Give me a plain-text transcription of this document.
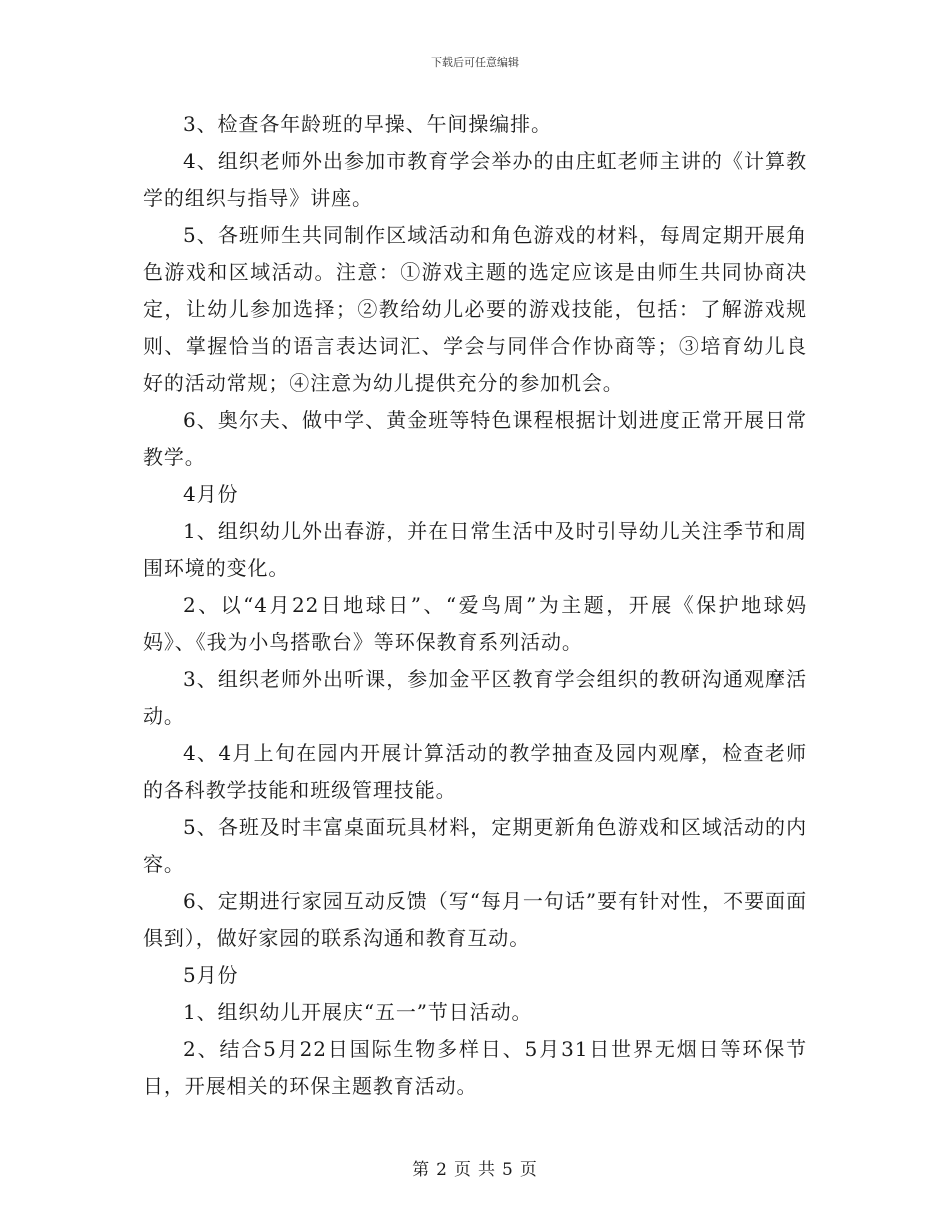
下载后可任意编辑

3、检查各年龄班的早操、午间操编排。

4、组织老师外出参加市教育学会举办的由庄虹老师主讲的《计算教学的组织与指导》讲座。

5、各班师生共同制作区域活动和角色游戏的材料，每周定期开展角色游戏和区域活动。注意：①游戏主题的选定应该是由师生共同协商决定，让幼儿参加选择；②教给幼儿必要的游戏技能，包括：了解游戏规则、掌握恰当的语言表达词汇、学会与同伴合作协商等；③培育幼儿良好的活动常规；④注意为幼儿提供充分的参加机会。

6、奥尔夫、做中学、黄金班等特色课程根据计划进度正常开展日常教学。

4月份

1、组织幼儿外出春游，并在日常生活中及时引导幼儿关注季节和周围环境的变化。

2、以“4月22日地球日”、“爱鸟周”为主题，开展《保护地球妈妈》、《我为小鸟搭歌台》等环保教育系列活动。

3、组织老师外出听课，参加金平区教育学会组织的教研沟通观摩活动。

4、4月上旬在园内开展计算活动的教学抽查及园内观摩，检查老师的各科教学技能和班级管理技能。

5、各班及时丰富桌面玩具材料，定期更新角色游戏和区域活动的内容。

6、定期进行家园互动反馈（写“每月一句话”要有针对性，不要面面俱到），做好家园的联系沟通和教育互动。

5月份

1、组织幼儿开展庆“五一”节日活动。

2、结合5月22日国际生物多样日、5月31日世界无烟日等环保节日，开展相关的环保主题教育活动。

第 2 页 共 5 页
